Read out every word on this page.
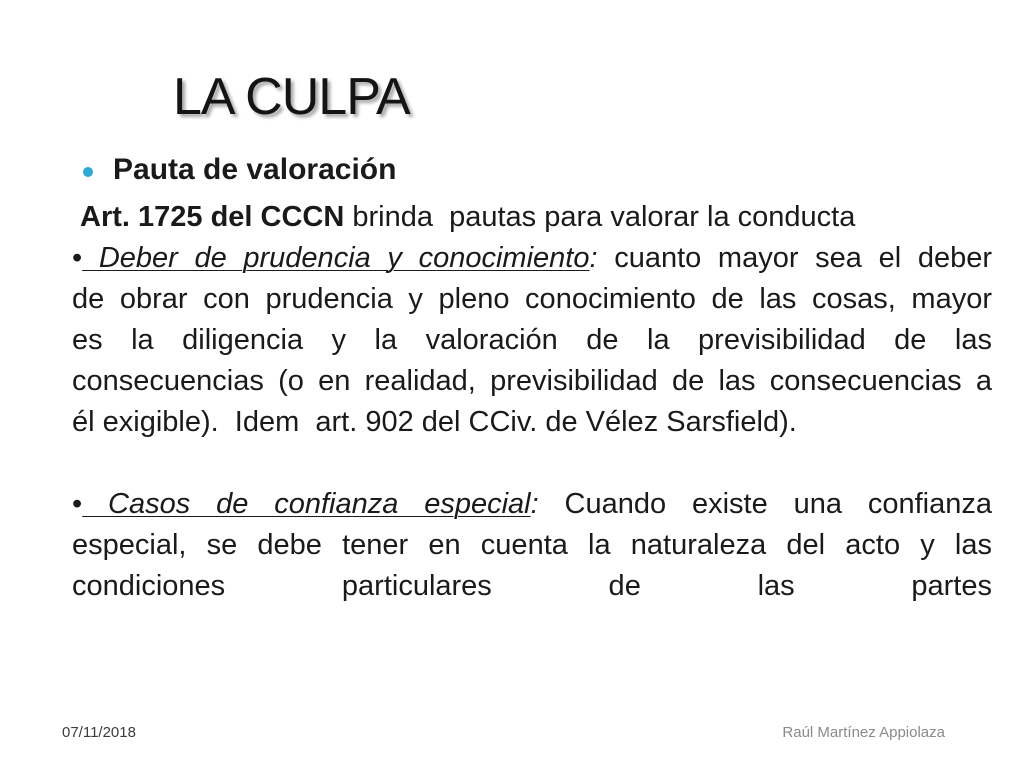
LA CULPA
Pauta de valoración
Art. 1725 del CCCN brinda  pautas para valorar la conducta
• Deber de prudencia y conocimiento: cuanto mayor sea el deber
de obrar con prudencia y pleno conocimiento de las cosas, mayor
es la diligencia y la valoración de la previsibilidad de las
consecuencias (o en realidad, previsibilidad de las consecuencias a
él exigible).  Idem  art. 902 del CCiv. de Vélez Sarsfield).
• Casos de confianza especial: Cuando existe una confianza
especial, se debe tener en cuenta la naturaleza del acto y las
condiciones particulares de las partes
07/11/2018	Raúl Martínez Appiolaza
